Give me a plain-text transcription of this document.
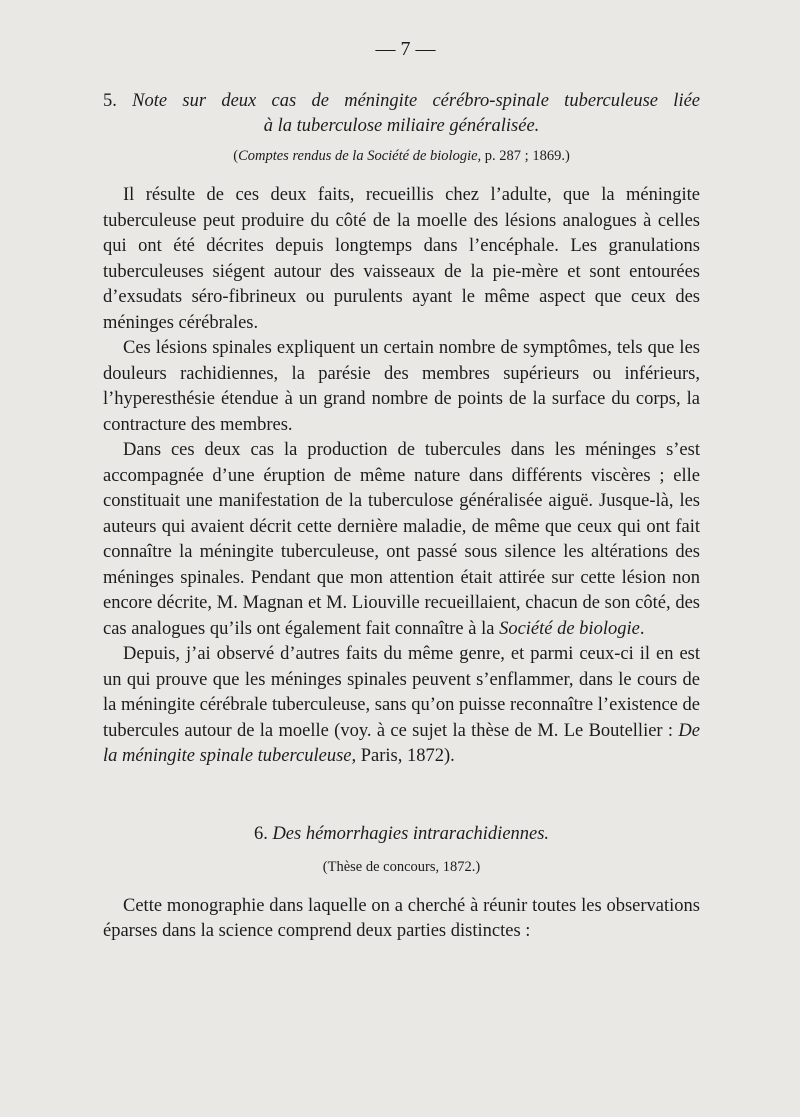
— 7 —
5. Note sur deux cas de méningite cérébro-spinale tuberculeuse liée
à la tuberculose miliaire généralisée.
(Comptes rendus de la Société de biologie, p. 287 ; 1869.)

Il résulte de ces deux faits, recueillis chez l’adulte, que la méningite tuberculeuse peut produire du côté de la moelle des lésions analogues à celles qui ont été décrites depuis longtemps dans l’encéphale. Les granulations tuberculeuses siégent autour des vaisseaux de la pie-mère et sont entourées d’exsudats séro-fibrineux ou purulents ayant le même aspect que ceux des méninges cérébrales.

Ces lésions spinales expliquent un certain nombre de symptômes, tels que les douleurs rachidiennes, la parésie des membres supérieurs ou inférieurs, l’hyperesthésie étendue à un grand nombre de points de la surface du corps, la contracture des membres.

Dans ces deux cas la production de tubercules dans les méninges s’est accompagnée d’une éruption de même nature dans différents viscères ; elle constituait une manifestation de la tuberculose généralisée aiguë. Jusque-là, les auteurs qui avaient décrit cette dernière maladie, de même que ceux qui ont fait connaître la méningite tuberculeuse, ont passé sous silence les altérations des méninges spinales. Pendant que mon attention était attirée sur cette lésion non encore décrite, M. Magnan et M. Liouville recueillaient, chacun de son côté, des cas analogues qu’ils ont également fait connaître à la Société de biologie.

Depuis, j’ai observé d’autres faits du même genre, et parmi ceux-ci il en est un qui prouve que les méninges spinales peuvent s’enflammer, dans le cours de la méningite cérébrale tuberculeuse, sans qu’on puisse reconnaître l’existence de tubercules autour de la moelle (voy. à ce sujet la thèse de M. Le Boutellier : De la méningite spinale tuberculeuse, Paris, 1872).

6. Des hémorrhagies intrarachidiennes.
(Thèse de concours, 1872.)

Cette monographie dans laquelle on a cherché à réunir toutes les observations éparses dans la science comprend deux parties distinctes :
